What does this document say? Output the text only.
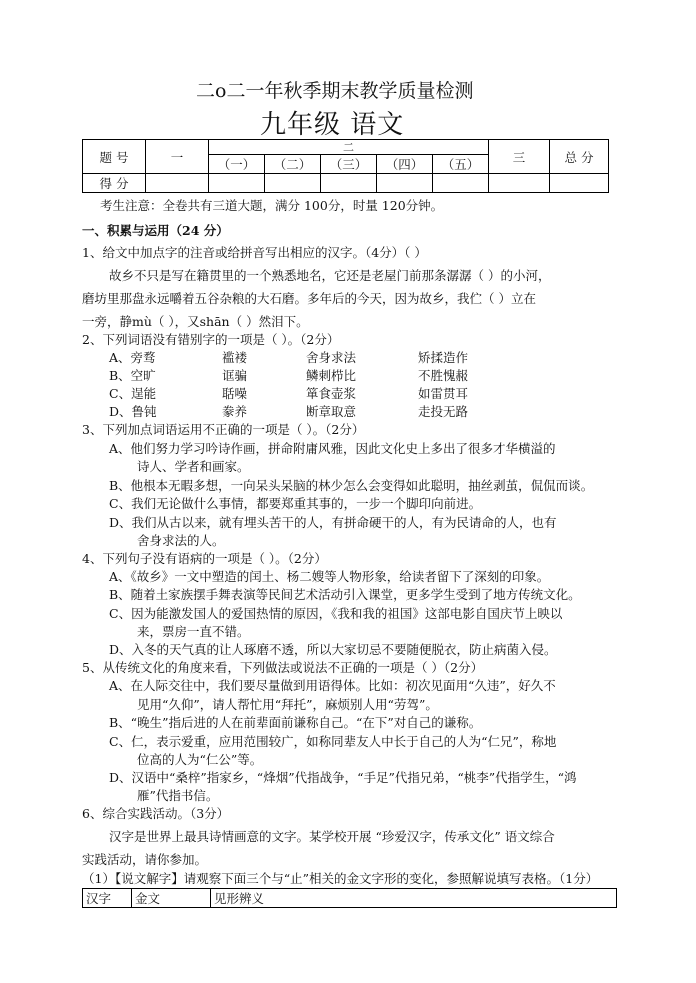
二o二一年秋季期末教学质量检测
九年级 语文
题 号	一	二					三	总 分
		（一）	（二）	（三）	（四）	（五）		
得 分								
考生注意：全卷共有三道大题，满分 100分，时量 120分钟。
一、积累与运用（24 分）
1、给文中加点字的注音或给拼音写出相应的汉字。（4分）（ ）
故乡不只是写在籍贯里的一个熟悉地名，它还是老屋门前那条潺潺（ ）的小河，
磨坊里那盘永远嚼着五谷杂粮的大石磨。多年后的今天，因为故乡，我伫（ ）立在
一旁，静mù（ ），又shān（ ）然泪下。
2、下列词语没有错别字的一项是（ ）。（2分）
A、旁骛	褴褛	舍身求法	矫揉造作
B、空旷	诓骗	鳞刺栉比	不胜愧赧
C、逞能	聒噪	箪食壶浆	如雷贯耳
D、鲁钝	豢养	断章取意	走投无路
3、下列加点词语运用不正确的一项是（ ）。（2分）
A、他们努力学习吟诗作画，拼命附庸风雅，因此文化史上多出了很多才华横溢的
诗人、学者和画家。
B、他根本无暇多想，一向呆头呆脑的林少怎么会变得如此聪明，抽丝剥茧，侃侃而谈。
C、我们无论做什么事情，都要郑重其事的，一步一个脚印向前进。
D、我们从古以来，就有埋头苦干的人，有拼命硬干的人，有为民请命的人，也有
舍身求法的人。
4、下列句子没有语病的一项是（ ）。（2分）
A、《故乡》一文中塑造的闰土、杨二嫂等人物形象，给读者留下了深刻的印象。
B、随着土家族摆手舞表演等民间艺术活动引入课堂，更多学生受到了地方传统文化。
C、因为能激发国人的爱国热情的原因，《我和我的祖国》这部电影自国庆节上映以
来，票房一直不错。
D、入冬的天气真的让人琢磨不透，所以大家切忌不要随便脱衣，防止病菌入侵。
5、从传统文化的角度来看，下列做法或说法不正确的一项是（ ）（2分）
A、在人际交往中，我们要尽量做到用语得体。比如：初次见面用“久违”，好久不
见用“久仰”，请人帮忙用“拜托”，麻烦别人用“劳驾”。
B、“晚生”指后进的人在前辈面前谦称自己。“在下”对自己的谦称。
C、仁，表示爱重，应用范围较广，如称同辈友人中长于自己的人为“仁兄”，称地
位高的人为“仁公”等。
D、汉语中“桑梓”指家乡，“烽烟”代指战争，“手足”代指兄弟，“桃李”代指学生，“鸿
雁”代指书信。
6、综合实践活动。（3分）
汉字是世界上最具诗情画意的文字。某学校开展 “珍爱汉字，传承文化” 语文综合
实践活动，请你参加。
（1）【说文解字】请观察下面三个与“止”相关的金文字形的变化，参照解说填写表格。（1分）
汉字	金文	见形辨义
